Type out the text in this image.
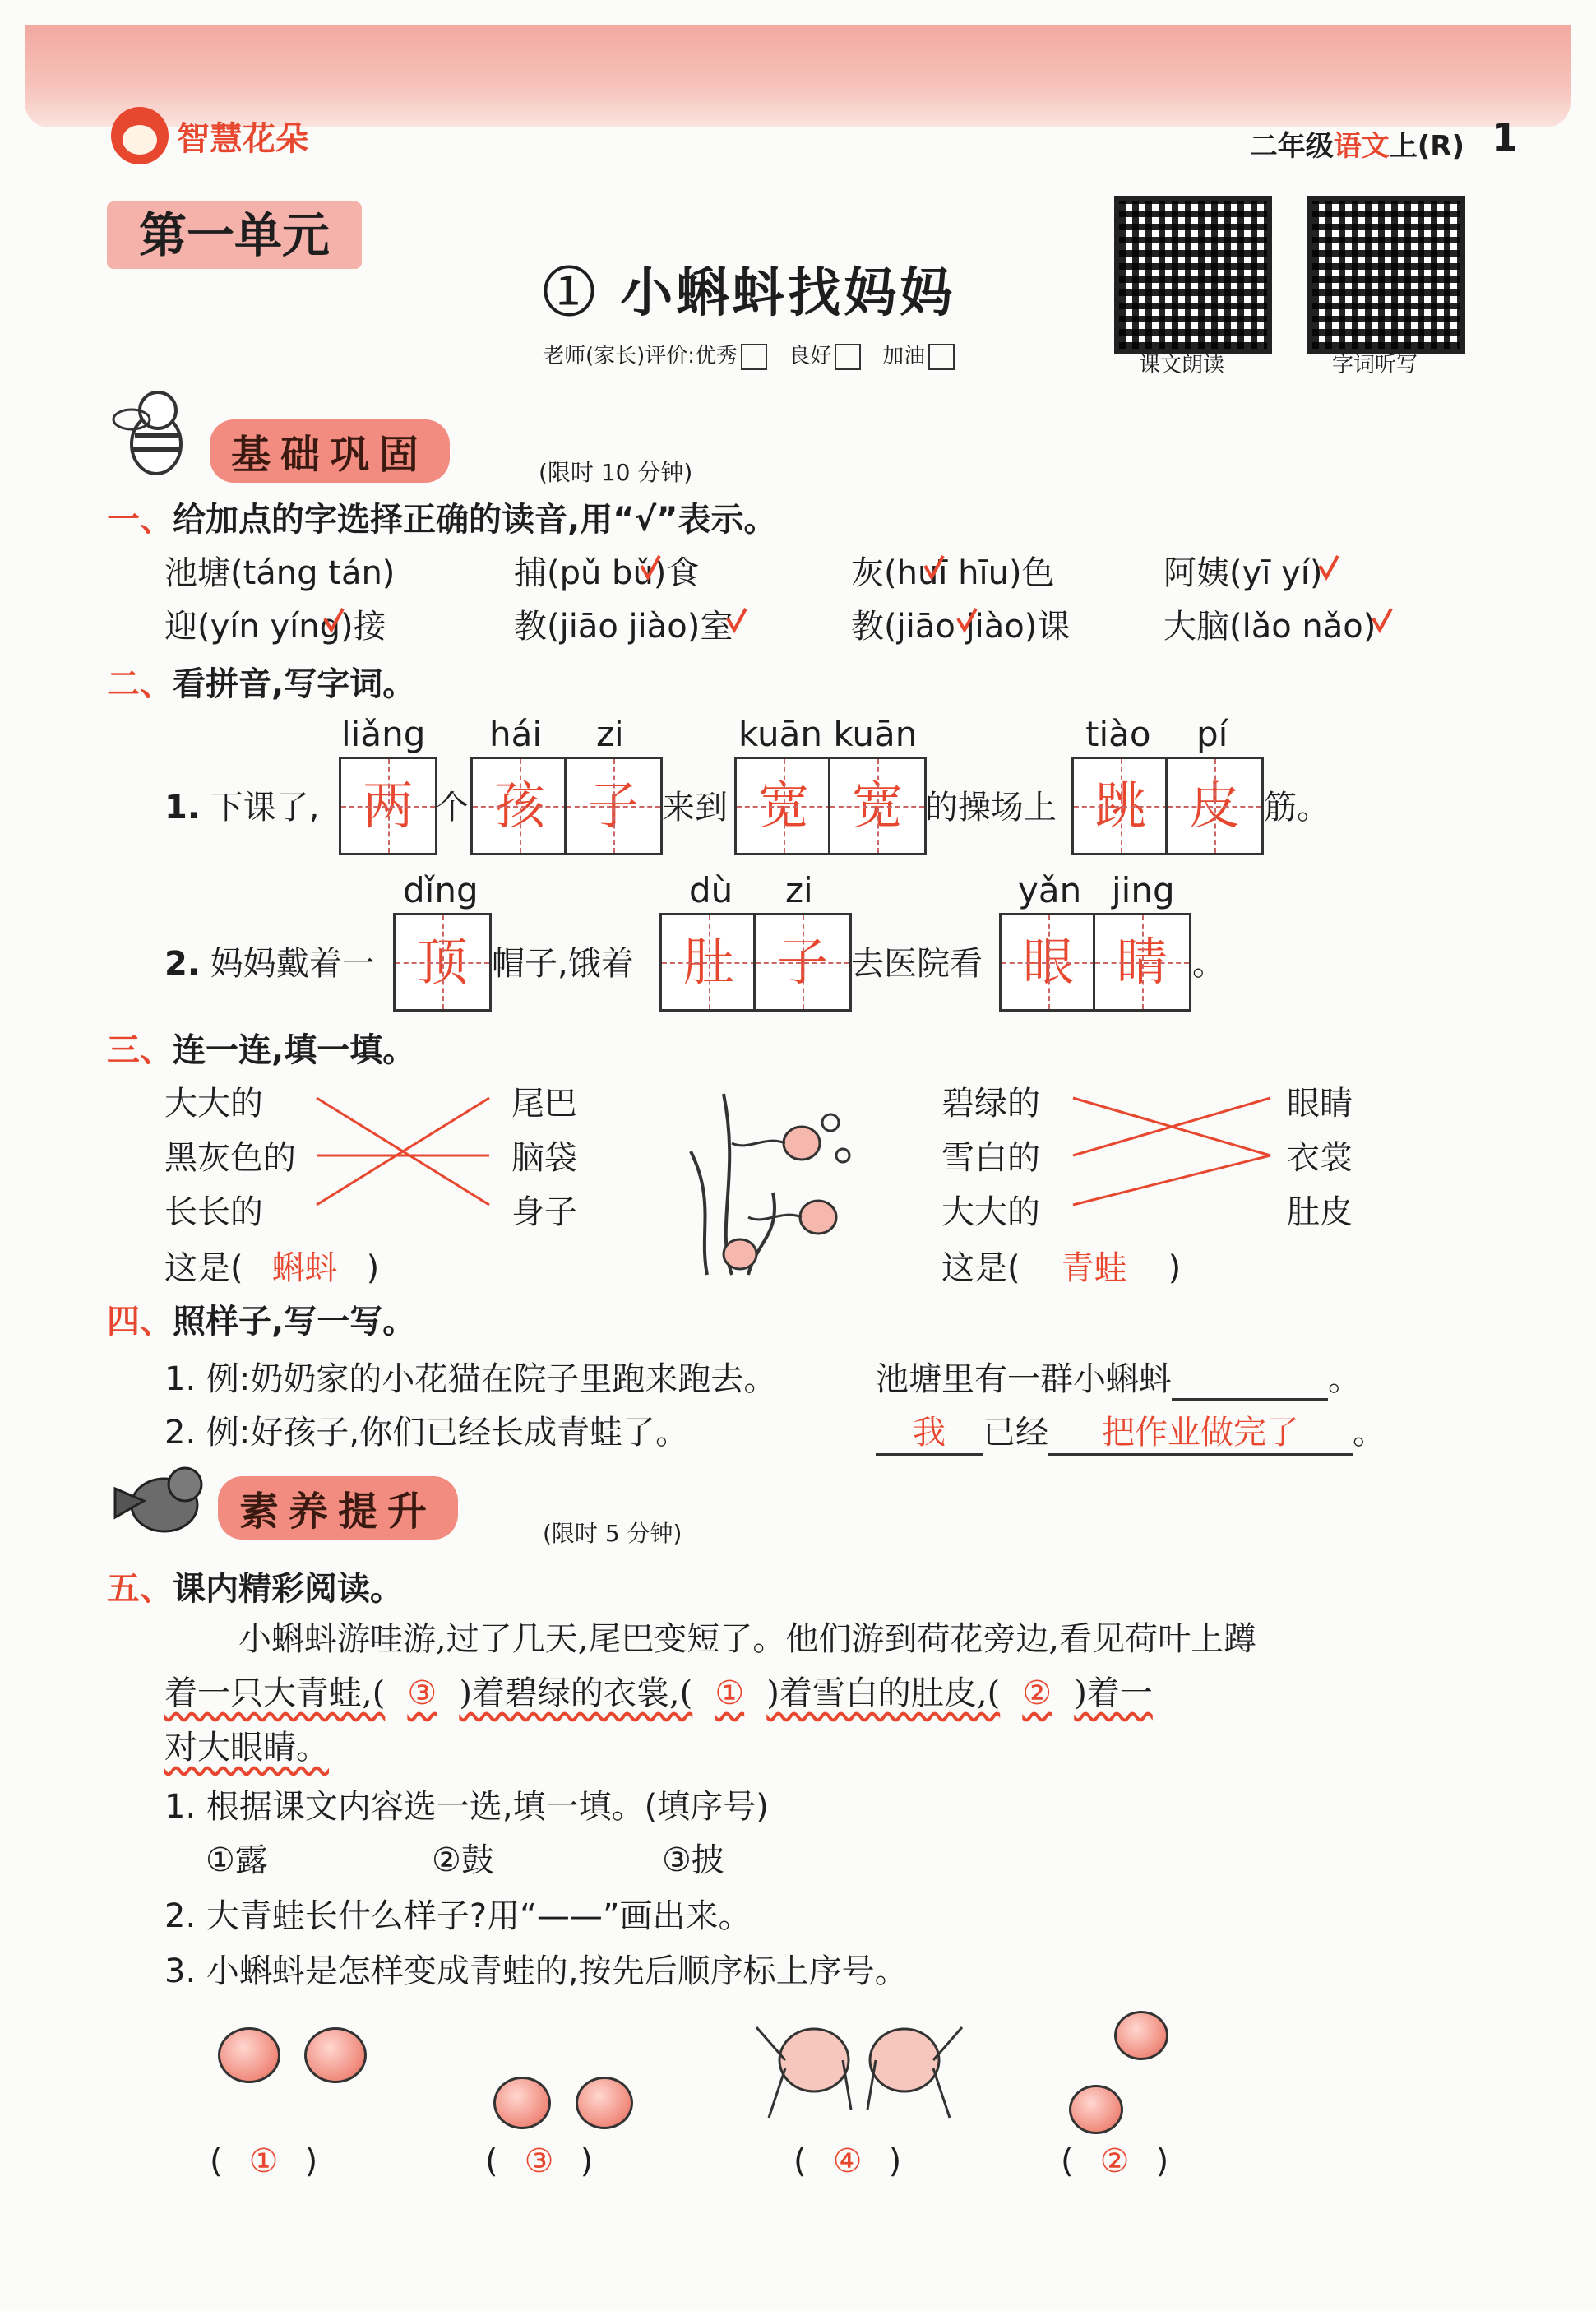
智慧花朵	二年级语文上(R) 1
第一单元
① 小蝌蚪找妈妈
老师(家长)评价:优秀	良好	加油	课文朗读	字词听写
基础巩固	(限时 10 分钟)
一、给加点的字选择正确的读音,用“√”表示。
池塘(táng tán)	捕(pǔ bǔ)食	灰(huī hīu)色	阿姨(yī yí)
迎(yín yíng)接	教(jiāo jiào)室	教(jiāo jiào)课	大脑(lǎo nǎo)
二、看拼音,写字词。
liǎng hái zi	kuān kuān	tiào pí
1. 下课了, 两 个 孩 子 来到 宽 宽 的操场上 跳 皮 筋。
dǐng	dù zi	yǎn jing
2. 妈妈戴着一 顶 帽子,饿着 肚 子 去医院看 眼 睛 。
三、连一连,填一填。
大大的
黑灰色的
长长的
尾巴
脑袋
身子
这是( 蝌蚪 )
碧绿的
雪白的
大大的
眼睛
衣裳
肚皮
这是( 青蛙 )
四、照样子,写一写。
1. 例:奶奶家的小花猫在院子里跑来跑去。	池塘里有一群小蝌蚪	。
2. 例:好孩子,你们已经长成青蛙了。	我 已经 把作业做完了 。
素养提升	(限时 5 分钟)
五、课内精彩阅读。
小蝌蚪游哇游,过了几天,尾巴变短了。他们游到荷花旁边,看见荷叶上蹲
着一只大青蛙,( ③ )着碧绿的衣裳,( ① )着雪白的肚皮,( ② )着一
对大眼睛。
1. 根据课文内容选一选,填一填。(填序号)
①露	②鼓	③披
2. 大青蛙长什么样子?用“——”画出来。
3. 小蝌蚪是怎样变成青蛙的,按先后顺序标上序号。
( ① )	( ③ )	( ④ )	( ② )
